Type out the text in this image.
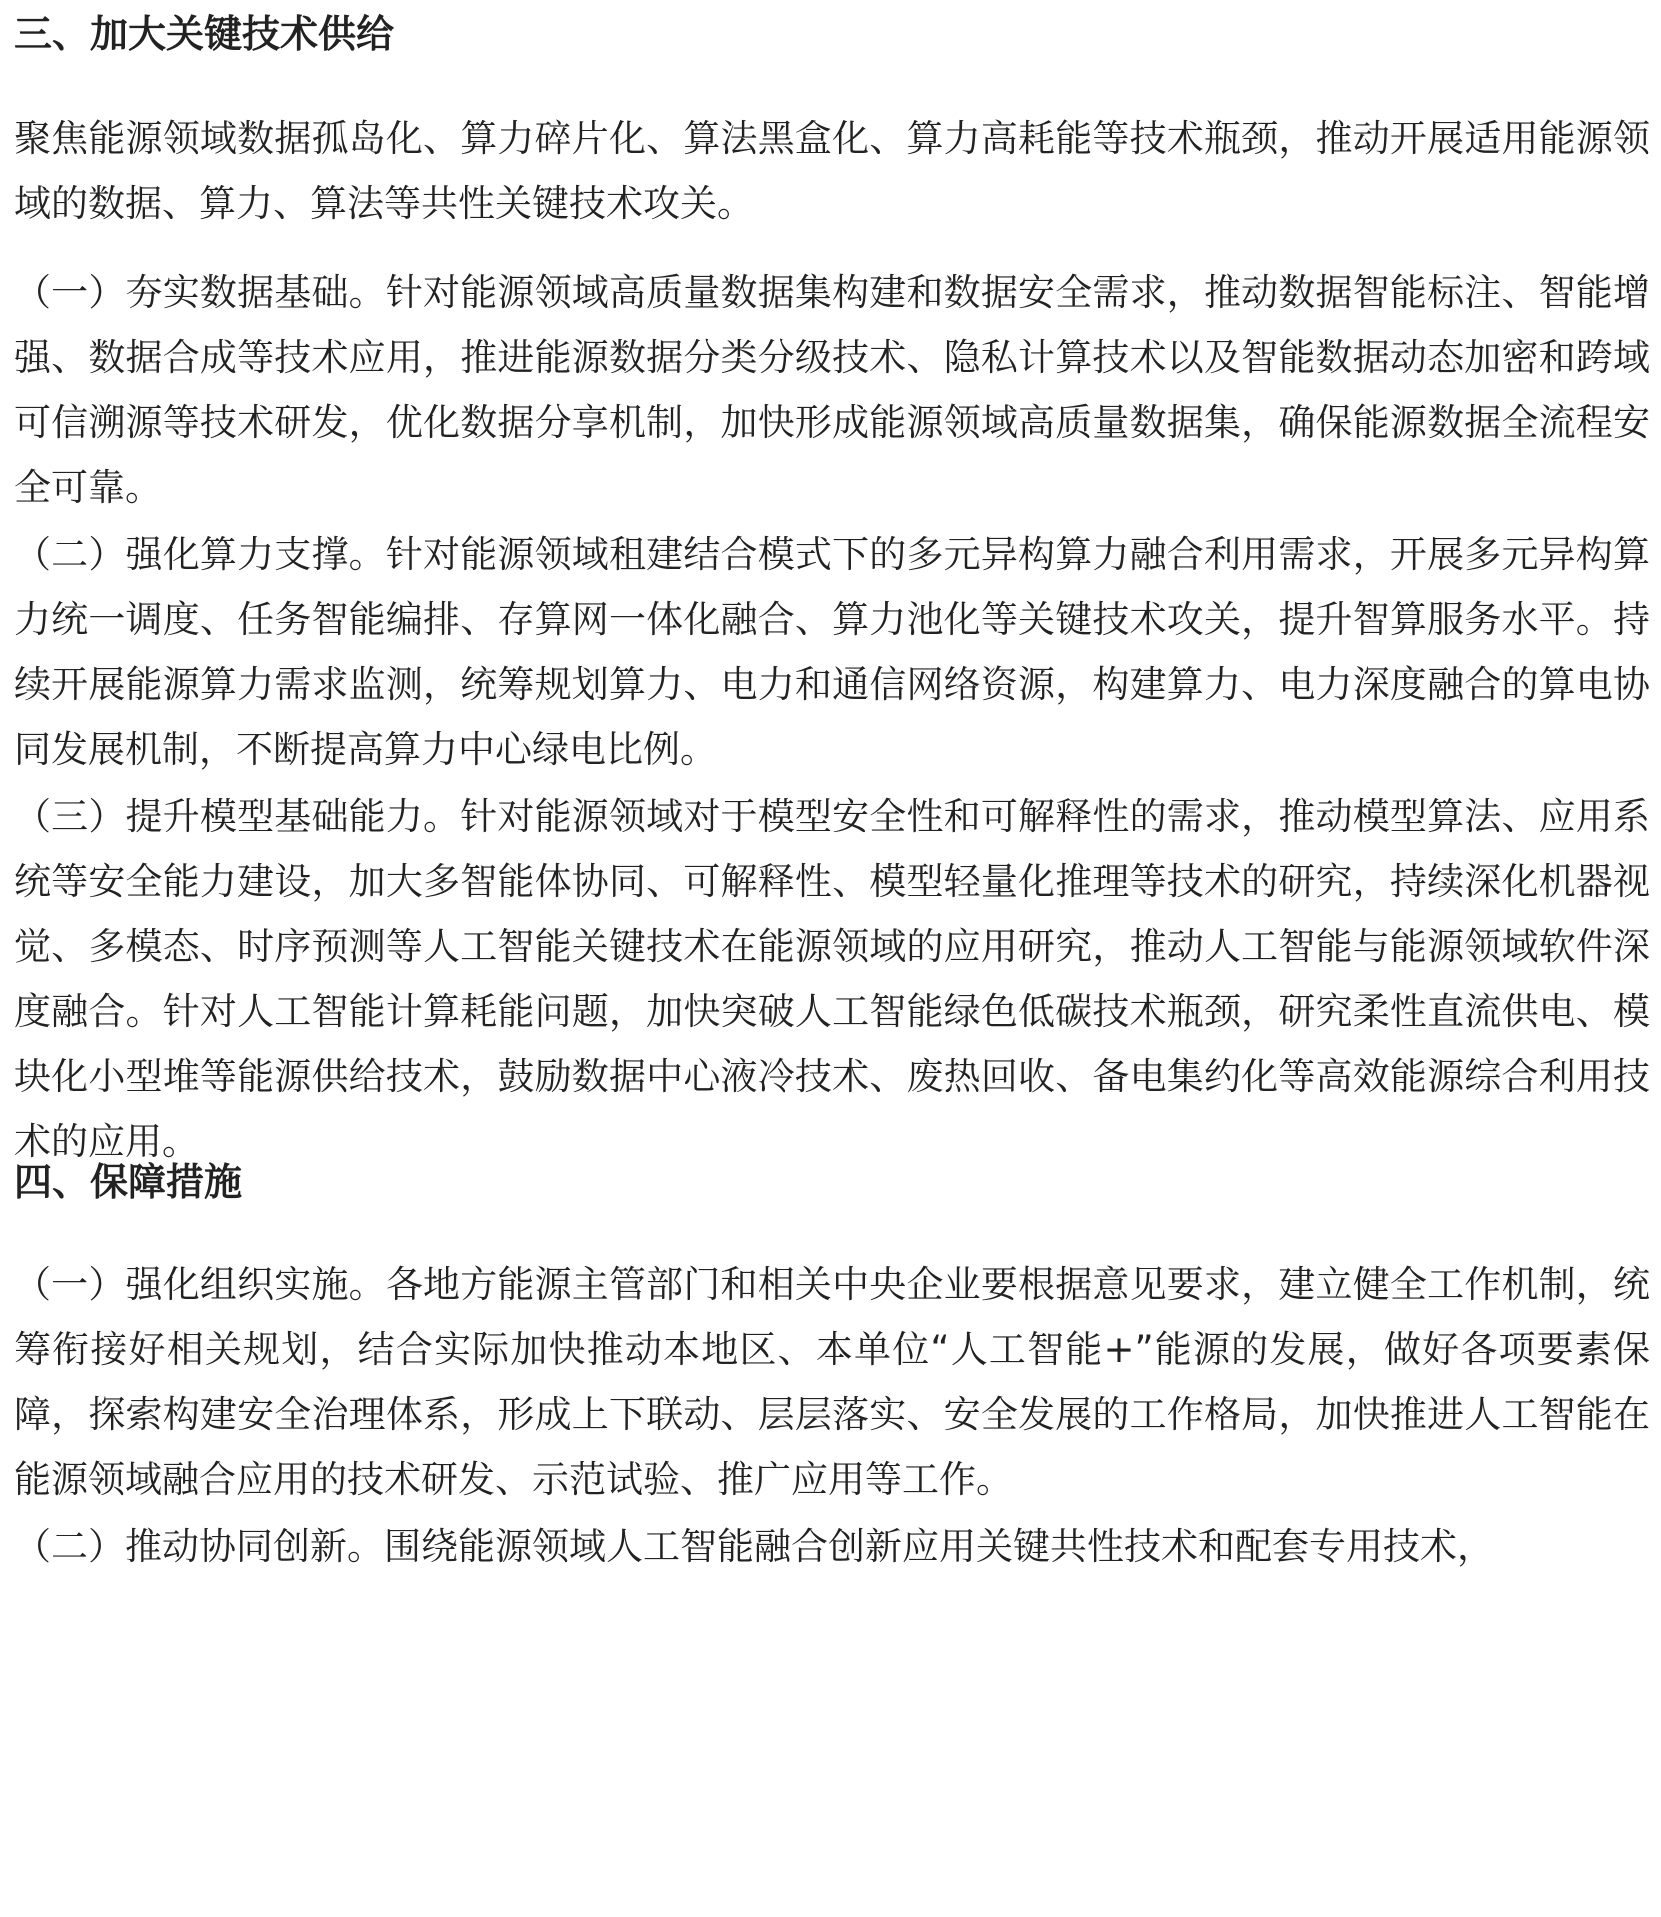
三、加大关键技术供给
聚焦能源领域数据孤岛化、算力碎片化、算法黑盒化、算力高耗能等技术瓶颈，推动开展适用能源领域的数据、算力、算法等共性关键技术攻关。
（一）夯实数据基础。针对能源领域高质量数据集构建和数据安全需求，推动数据智能标注、智能增强、数据合成等技术应用，推进能源数据分类分级技术、隐私计算技术以及智能数据动态加密和跨域可信溯源等技术研发，优化数据分享机制，加快形成能源领域高质量数据集，确保能源数据全流程安全可靠。
（二）强化算力支撑。针对能源领域租建结合模式下的多元异构算力融合利用需求，开展多元异构算力统一调度、任务智能编排、存算网一体化融合、算力池化等关键技术攻关，提升智算服务水平。持续开展能源算力需求监测，统筹规划算力、电力和通信网络资源，构建算力、电力深度融合的算电协同发展机制，不断提高算力中心绿电比例。
（三）提升模型基础能力。针对能源领域对于模型安全性和可解释性的需求，推动模型算法、应用系统等安全能力建设，加大多智能体协同、可解释性、模型轻量化推理等技术的研究，持续深化机器视觉、多模态、时序预测等人工智能关键技术在能源领域的应用研究，推动人工智能与能源领域软件深度融合。针对人工智能计算耗能问题，加快突破人工智能绿色低碳技术瓶颈，研究柔性直流供电、模块化小型堆等能源供给技术，鼓励数据中心液冷技术、废热回收、备电集约化等高效能源综合利用技术的应用。
四、保障措施
（一）强化组织实施。各地方能源主管部门和相关中央企业要根据意见要求，建立健全工作机制，统筹衔接好相关规划，结合实际加快推动本地区、本单位“人工智能+”能源的发展，做好各项要素保障，探索构建安全治理体系，形成上下联动、层层落实、安全发展的工作格局，加快推进人工智能在能源领域融合应用的技术研发、示范试验、推广应用等工作。
（二）推动协同创新。围绕能源领域人工智能融合创新应用关键共性技术和配套专用技术，
